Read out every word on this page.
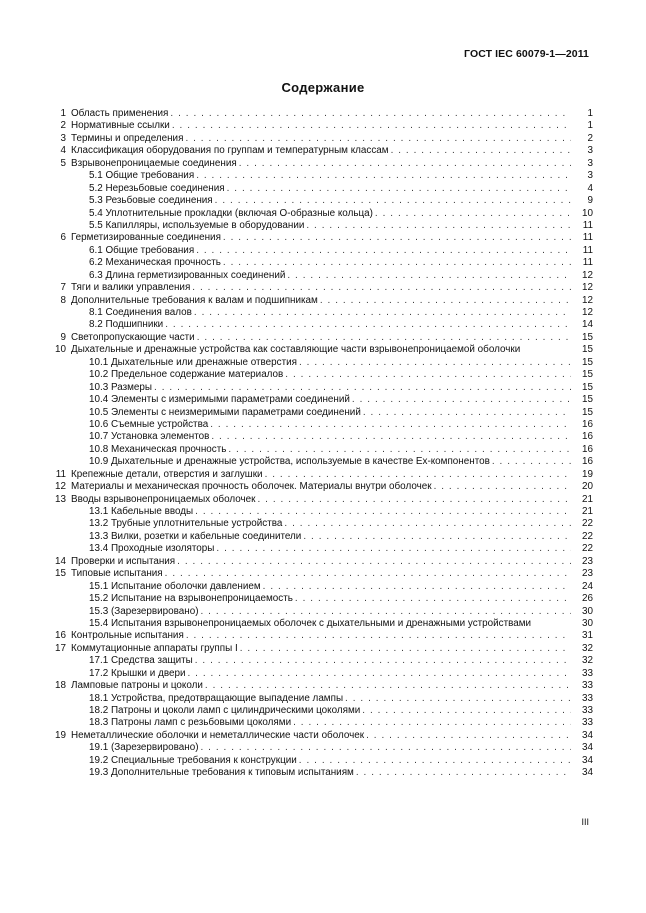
ГОСТ IEC 60079-1—2011
Содержание
1 Область применения . . .	1
2 Нормативные ссылки . . .	1
3 Термины и определения . . .	2
4 Классификация оборудования по группам и температурным классам . . .	3
5 Взрывонепроницаемые соединения . . .	3
5.1 Общие требования . . .	3
5.2 Нерезьбовые соединения . . .	4
5.3 Резьбовые соединения . . .	9
5.4 Уплотнительные прокладки (включая О-образные кольца) . . .	10
5.5 Капилляры, используемые в оборудовании . . .	11
6 Герметизированные соединения . . .	11
6.1 Общие требования . . .	11
6.2 Механическая прочность . . .	11
6.3 Длина герметизированных соединений . . .	12
7 Тяги и валики управления . . .	12
8 Дополнительные требования к валам и подшипникам . . .	12
8.1 Соединения валов . . .	12
8.2 Подшипники . . .	14
9 Светопропускающие части . . .	15
10 Дыхательные и дренажные устройства как составляющие части взрывонепроницаемой оболочки	15
10.1 Дыхательные или дренажные отверстия . . .	15
10.2 Предельное содержание материалов . . .	15
10.3 Размеры . . .	15
10.4 Элементы с измеримыми параметрами соединений . . .	15
10.5 Элементы с неизмеримыми параметрами соединений . . .	15
10.6 Съемные устройства . . .	16
10.7 Установка элементов . . .	16
10.8 Механическая прочность . . .	16
10.9 Дыхательные и дренажные устройства, используемые в качестве Ex-компонентов . . .	16
11 Крепежные детали, отверстия и заглушки . . .	19
12 Материалы и механическая прочность оболочек. Материалы внутри оболочек . . .	20
13 Вводы взрывонепроницаемых оболочек . . .	21
13.1 Кабельные вводы . . .	21
13.2 Трубные уплотнительные устройства . . .	22
13.3 Вилки, розетки и кабельные соединители . . .	22
13.4 Проходные изоляторы . . .	22
14 Проверки и испытания . . .	23
15 Типовые испытания . . .	23
15.1 Испытание оболочки давлением . . .	24
15.2 Испытание на взрывонепроницаемость . . .	26
15.3 (Зарезервировано) . . .	30
15.4 Испытания взрывонепроницаемых оболочек с дыхательными и дренажными устройствами	30
16 Контрольные испытания . . .	31
17 Коммутационные аппараты группы I . . .	32
17.1 Средства защиты . . .	32
17.2 Крышки и двери . . .	33
18 Ламповые патроны и цоколи . . .	33
18.1 Устройства, предотвращающие выпадение лампы . . .	33
18.2 Патроны и цоколи ламп с цилиндрическими цоколями . . .	33
18.3 Патроны ламп с резьбовыми цоколями . . .	33
19 Неметаллические оболочки и неметаллические части оболочек . . .	34
19.1 (Зарезервировано) . . .	34
19.2 Специальные требования к конструкции . . .	34
19.3 Дополнительные требования к типовым испытаниям . . .	34
III
